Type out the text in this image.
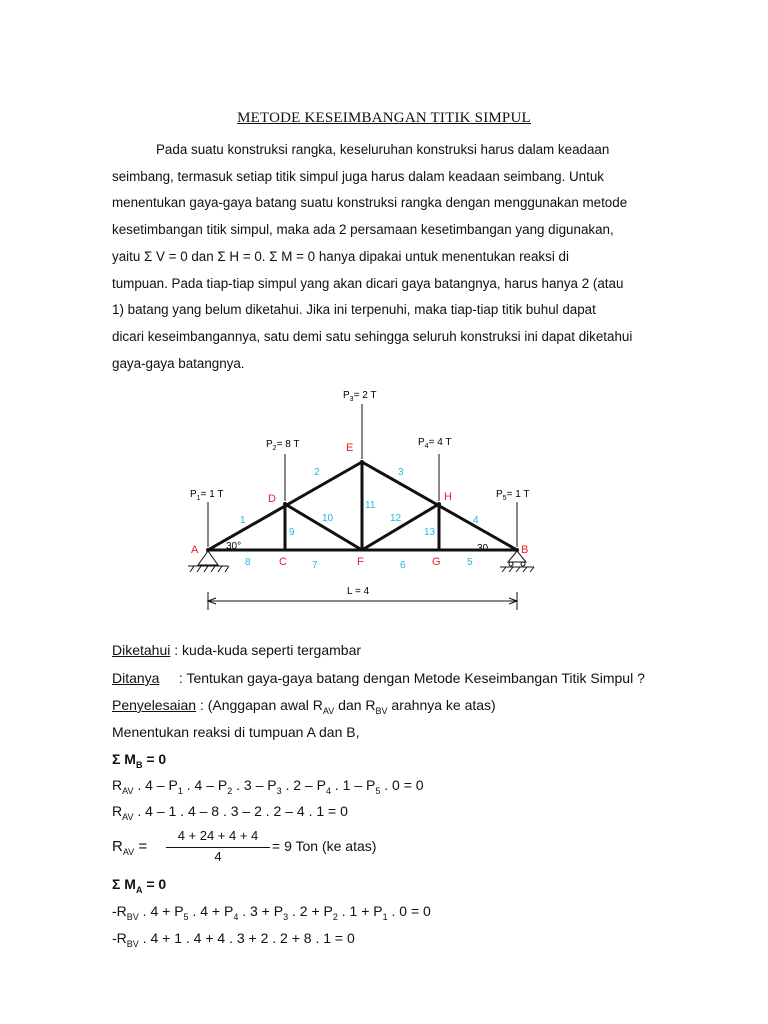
METODE KESEIMBANGAN TITIK SIMPUL

Pada suatu konstruksi rangka, keseluruhan konstruksi harus dalam keadaan

seimbang, termasuk setiap titik simpul juga harus dalam keadaan seimbang. Untuk

menentukan gaya-gaya batang suatu konstruksi rangka dengan menggunakan metode

kesetimbangan titik simpul, maka ada 2 persamaan kesetimbangan yang digunakan,

yaitu Σ V = 0 dan Σ H = 0. Σ M = 0 hanya dipakai untuk menentukan reaksi di

tumpuan. Pada tiap-tiap simpul yang akan dicari gaya batangnya, harus hanya 2 (atau

1) batang yang belum diketahui. Jika ini terpenuhi, maka tiap-tiap titik buhul dapat

dicari keseimbangannya, satu demi satu sehingga seluruh konstruksi ini dapat diketahui

gaya-gaya batangnya.

L = 4
$P_1= 1$ T
$P_2= 8$ T
$P_3= 2$ T
$P_4= 4$ T
$P_5= 1$ T
A
C
D
E
F	G
H
B
1
2	3
4
5
6
7
8
9
10
11
12
13
30°	30
Diketahui : kuda-kuda seperti tergambar
Ditanya     : Tentukan gaya-gaya batang dengan Metode Keseimbangan Titik Simpul ?
Penyelesaian : (Anggapan awal $R_{AV}$ dan $R_{BV}$ arahnya ke atas)
Menentukan reaksi di tumpuan A dan B,
Σ $M_B = 0$
$R_{AV}$ . $4 - P_1$ . $4 - P_2$ . $3 - P_3$ . $2 - P_4$ . $1 - P_5$ . 0 = 0
$R_{AV}$ . 4 – 1 . 4 – 8 . 3 – 2 . 2 – 4 . 1 = 0
$R_{AV}$ =
4 + 24 + 4 + 4
4
= 9 Ton (ke atas)
Σ $M_A = 0$
$-R_{BV}$ . $4 + P_5$ . $4 + P_4$ . $3 + P_3$ . $2 + P_2$ . $1 + P_1$ . 0 = 0
$-R_{BV}$ . 4 + 1 . 4 + 4 . 3 + 2 . 2 + 8 . 1 = 0
